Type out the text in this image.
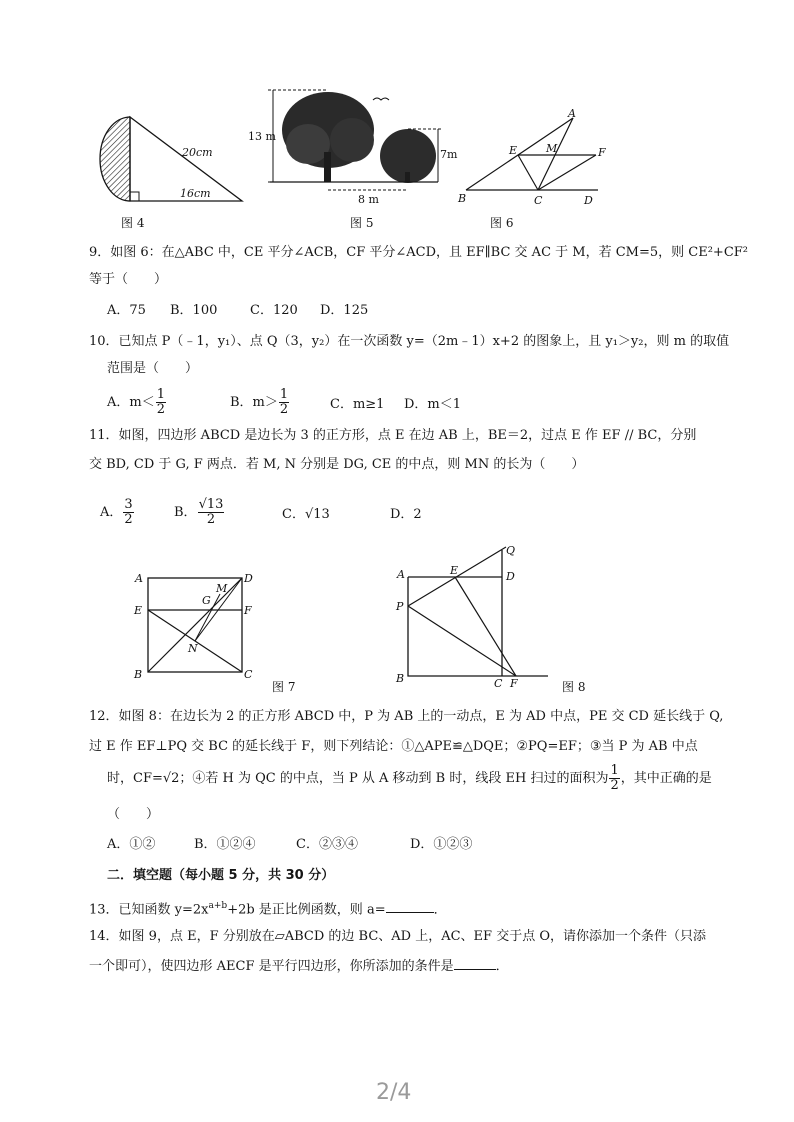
20cm
16cm
图 4
13 m
7m
8 m
图 5
A
E	M	F
B	C	D
图 6
9．如图 6：在△ABC 中，CE 平分∠ACB，CF 平分∠ACD，且 EF∥BC 交 AC 于 M，若 CM=5，则 CE²+CF²
等于（　　）
A．75 B．100	C．120 D．125
10．已知点 P（﹣1，y₁）、点 Q（3，y₂）在一次函数 y=（2m﹣1）x+2 的图象上，且 y₁＞y₂，则 m 的取值
范围是（　　）
A．$m< \frac{1}{2}$	B．$m> \frac{1}{2}$	C．m≥1 D．m＜1
11．如图，四边形 ABCD 是边长为 3 的正方形，点 E 在边 AB 上，BE＝2，过点 E 作 EF // BC，分别
交 BD, CD 于 G, F 两点．若 M, N 分别是 DG, CE 的中点，则 MN 的长为（　　）
A． $\frac{3}{2}$	B． $\frac{√13}{2}$	C．√13	D．2
A	D
E	F
M
G
N
B	C
图 7
Q
A	E	D
P
B	C F	图 8
12．如图 8：在边长为 2 的正方形 ABCD 中，P 为 AB 上的一动点，E 为 AD 中点，PE 交 CD 延长线于 Q,
过 E 作 EF⊥PQ 交 BC 的延长线于 F，则下列结论：①△APE≌△DQE；②PQ=EF；③当 P 为 AB 中点
时，CF=√2；④若 H 为 QC 的中点，当 P 从 A 移动到 B 时，线段 EH 扫过的面积为 $\frac{1}{2}$ ，其中正确的是
（　　）
A．①②	B．①②④	C．②③④	D．①②③
二．填空题（每小题 5 分，共 30 分）
13．已知函数 $y=2x^{a+b}+2b$ 是正比例函数，则 a=	．
14．如图 9，点 E，F 分别放在▱ABCD 的边 BC、AD 上，AC、EF 交于点 O，请你添加一个条件（只添
一个即可），使四边形 AECF 是平行四边形，你所添加的条件是	．
2/4
